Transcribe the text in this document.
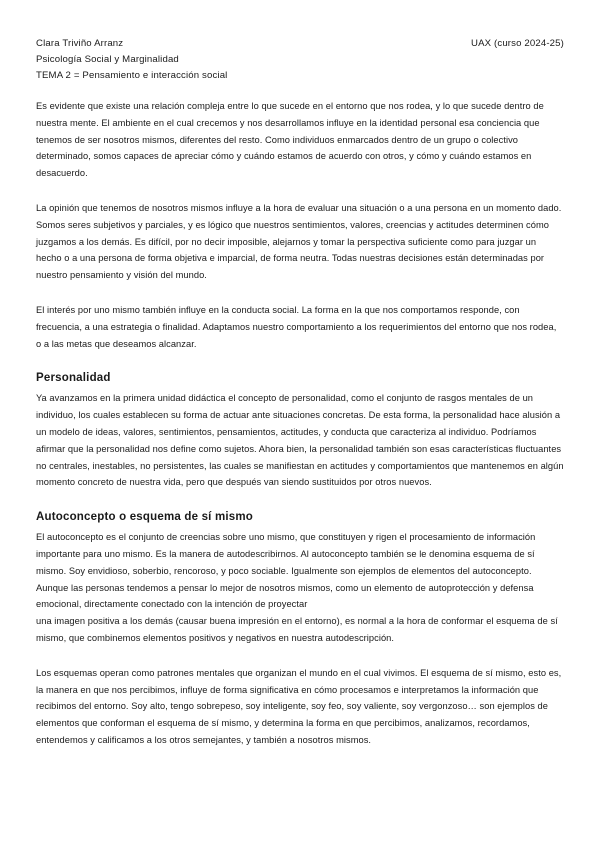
Clara Triviño Arranz
Psicología Social y Marginalidad
TEMA 2 = Pensamiento e interacción social
UAX (curso 2024-25)

Es evidente que existe una relación compleja entre lo que sucede en el entorno que nos rodea, y lo que sucede dentro de nuestra mente. El ambiente en el cual crecemos y nos desarrollamos influye en la identidad personal esa conciencia que tenemos de ser nosotros mismos, diferentes del resto. Como individuos enmarcados dentro de un grupo o colectivo determinado, somos capaces de apreciar cómo y cuándo estamos de acuerdo con otros, y cómo y cuándo estamos en desacuerdo.

La opinión que tenemos de nosotros mismos influye a la hora de evaluar una situación o a una persona en un momento dado. Somos seres subjetivos y parciales, y es lógico que nuestros sentimientos, valores, creencias y actitudes determinen cómo juzgamos a los demás. Es difícil, por no decir imposible, alejarnos y tomar la perspectiva suficiente como para juzgar un hecho o a una persona de forma objetiva e imparcial, de forma neutra. Todas nuestras decisiones están determinadas por nuestro pensamiento y visión del mundo.

El interés por uno mismo también influye en la conducta social. La forma en la que nos comportamos responde, con frecuencia, a una estrategia o finalidad. Adaptamos nuestro comportamiento a los requerimientos del entorno que nos rodea, o a las metas que deseamos alcanzar.

Personalidad

Ya avanzamos en la primera unidad didáctica el concepto de personalidad, como el conjunto de rasgos mentales de un individuo, los cuales establecen su forma de actuar ante situaciones concretas. De esta forma, la personalidad hace alusión a un modelo de ideas, valores, sentimientos, pensamientos, actitudes, y conducta que caracteriza al individuo. Podríamos afirmar que la personalidad nos define como sujetos. Ahora bien, la personalidad también son esas características fluctuantes no centrales, inestables, no persistentes, las cuales se manifiestan en actitudes y comportamientos que mantenemos en algún momento concreto de nuestra vida, pero que después van siendo sustituidos por otros nuevos.

Autoconcepto o esquema de sí mismo

El autoconcepto es el conjunto de creencias sobre uno mismo, que constituyen y rigen el procesamiento de información importante para uno mismo. Es la manera de autodescribirnos. Al autoconcepto también se le denomina esquema de sí mismo. Soy envidioso, soberbio, rencoroso, y poco sociable. Igualmente son ejemplos de elementos del autoconcepto. Aunque las personas tendemos a pensar lo mejor de nosotros mismos, como un elemento de autoprotección y defensa emocional, directamente conectado con la intención de proyectar

una imagen positiva a los demás (causar buena impresión en el entorno), es normal a la hora de conformar el esquema de sí mismo, que combinemos elementos positivos y negativos en nuestra autodescripción.

Los esquemas operan como patrones mentales que organizan el mundo en el cual vivimos. El esquema de sí mismo, esto es, la manera en que nos percibimos, influye de forma significativa en cómo procesamos e interpretamos la información que recibimos del entorno. Soy alto, tengo sobrepeso, soy inteligente, soy feo, soy valiente, soy vergonzoso… son ejemplos de elementos que conforman el esquema de sí mismo, y determina la forma en que percibimos, analizamos, recordamos, entendemos y calificamos a los otros semejantes, y también a nosotros mismos.
